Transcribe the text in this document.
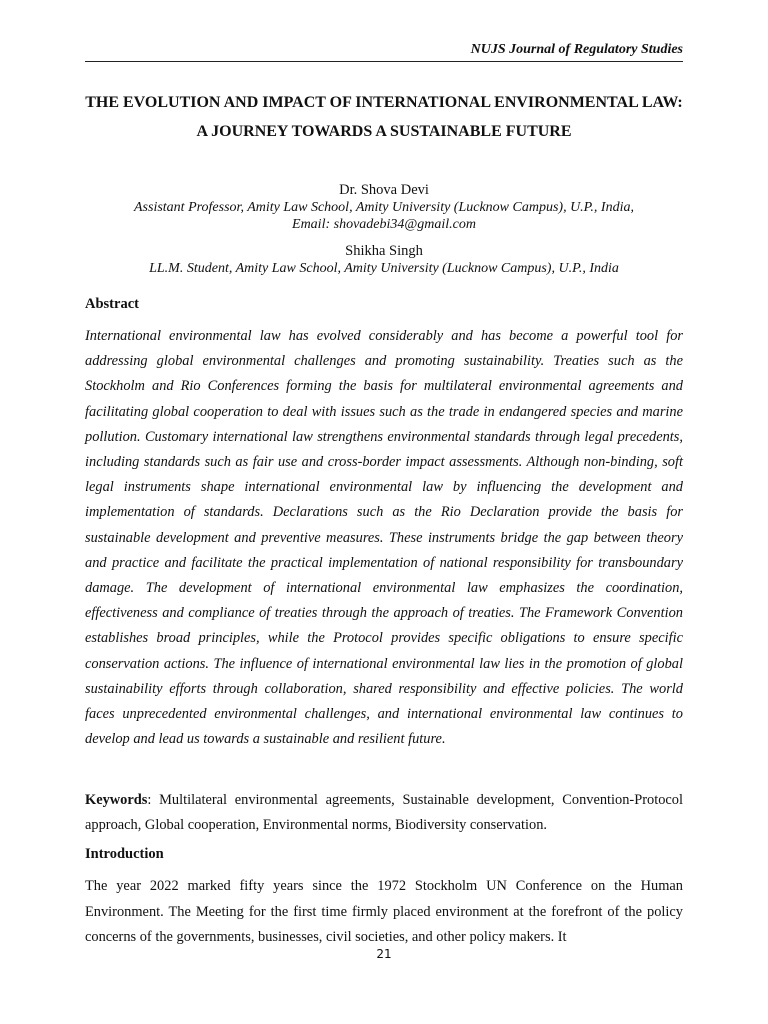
NUJS Journal of Regulatory Studies
THE EVOLUTION AND IMPACT OF INTERNATIONAL ENVIRONMENTAL LAW: A JOURNEY TOWARDS A SUSTAINABLE FUTURE
Dr. Shova Devi
Assistant Professor, Amity Law School, Amity University (Lucknow Campus), U.P., India,
Email: shovadebi34@gmail.com
Shikha Singh
LL.M. Student, Amity Law School, Amity University (Lucknow Campus), U.P., India
Abstract
International environmental law has evolved considerably and has become a powerful tool for addressing global environmental challenges and promoting sustainability. Treaties such as the Stockholm and Rio Conferences forming the basis for multilateral environmental agreements and facilitating global cooperation to deal with issues such as the trade in endangered species and marine pollution. Customary international law strengthens environmental standards through legal precedents, including standards such as fair use and cross-border impact assessments. Although non-binding, soft legal instruments shape international environmental law by influencing the development and implementation of standards. Declarations such as the Rio Declaration provide the basis for sustainable development and preventive measures. These instruments bridge the gap between theory and practice and facilitate the practical implementation of national responsibility for transboundary damage. The development of international environmental law emphasizes the coordination, effectiveness and compliance of treaties through the approach of treaties. The Framework Convention establishes broad principles, while the Protocol provides specific obligations to ensure specific conservation actions. The influence of international environmental law lies in the promotion of global sustainability efforts through collaboration, shared responsibility and effective policies. The world faces unprecedented environmental challenges, and international environmental law continues to develop and lead us towards a sustainable and resilient future.
Keywords: Multilateral environmental agreements, Sustainable development, Convention-Protocol approach, Global cooperation, Environmental norms, Biodiversity conservation.
Introduction
The year 2022 marked fifty years since the 1972 Stockholm UN Conference on the Human Environment. The Meeting for the first time firmly placed environment at the forefront of the policy concerns of the governments, businesses, civil societies, and other policy makers. It
21
